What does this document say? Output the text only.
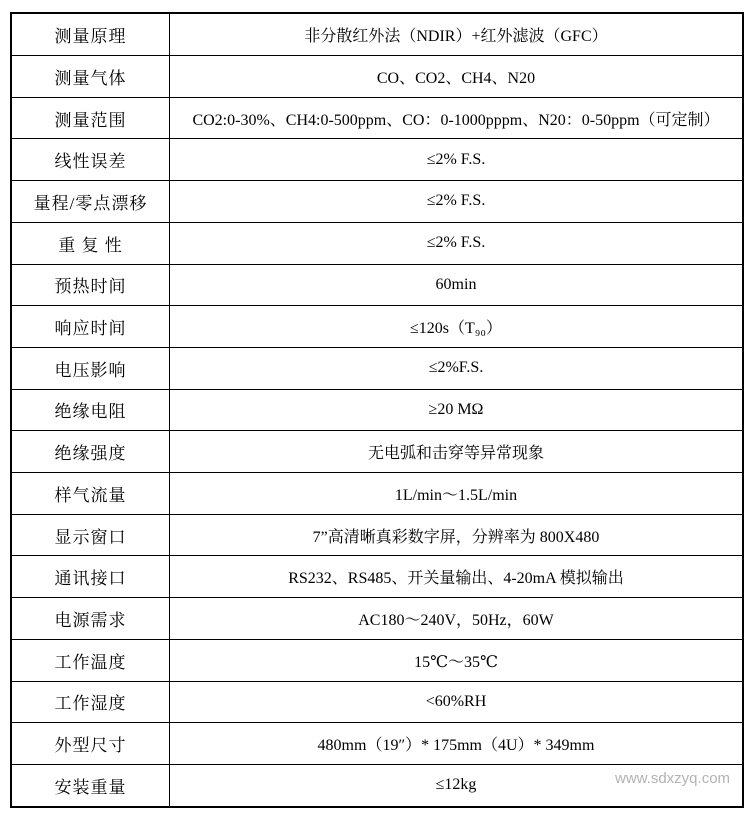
测量原理	非分散红外法（NDIR）+红外滤波（GFC）
测量气体	CO、CO2、CH4、N20
测量范围	CO2:0-30%、CH4:0-500ppm、CO：0-1000pppm、N20：0-50ppm（可定制）
线性误差	≤2% F.S.
量程/零点漂移	≤2% F.S.
重 复 性	≤2% F.S.
预热时间	60min
响应时间	≤120s（T₉₀）
电压影响	≤2%F.S.
绝缘电阻	≥20 MΩ
绝缘强度	无电弧和击穿等异常现象
样气流量	1L/min～1.5L/min
显示窗口	7”高清晰真彩数字屏，分辨率为 800X480
通讯接口	RS232、RS485、开关量输出、4-20mA 模拟输出
电源需求	AC180～240V，50Hz，60W
工作温度	15℃～35℃
工作湿度	<60%RH
外型尺寸	480mm（19″）* 175mm（4U）* 349mm
安装重量	≤12kg	www.sdxzyq.com
